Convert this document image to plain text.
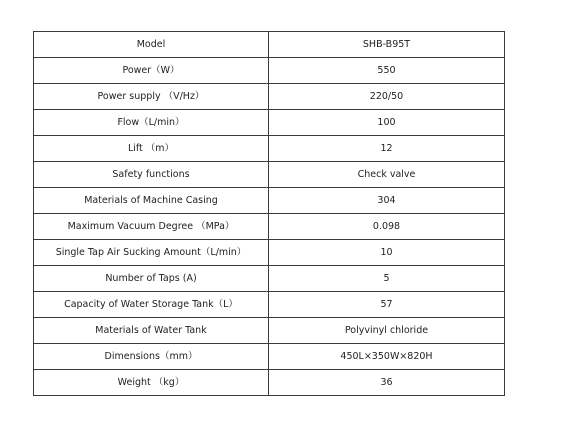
Model	SHB-B95T
Power（W）	550
Power supply （V/Hz）	220/50
Flow（L/min）	100
Lift （m）	12
Safety functions	Check valve
Materials of Machine Casing	304
Maximum Vacuum Degree （MPa）	0.098
Single Tap Air Sucking Amount（L/min）	10
Number of Taps (A)	5
Capacity of Water Storage Tank（L）	57
Materials of Water Tank	Polyvinyl chloride
Dimensions（mm）	450L×350W×820H
Weight （kg）	36
